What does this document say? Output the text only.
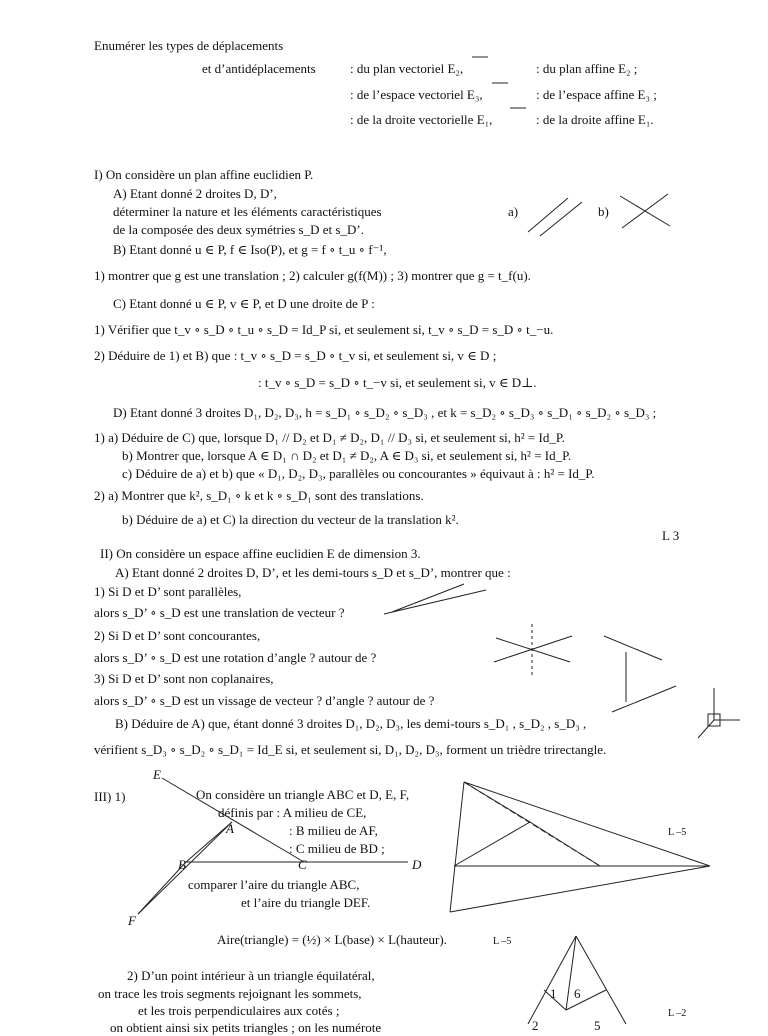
Enumérer les types de déplacements
et d’antidéplacements	: du plan vectoriel E₂,	: du plan affine E₂ ;
: de l’espace vectoriel E₃,	: de l’espace affine E₃ ;
: de la droite vectorielle E₁,	: de la droite affine E₁.
I) On considère un plan affine euclidien P.
A) Etant donné 2 droites D, D’,
déterminer la nature et les éléments caractéristiques
de la composée des deux symétries s_D et s_D’.
a)	b)
B) Etant donné u ∈ P, f ∈ Iso(P), et g = f ∘ t_u ∘ f⁻¹,
1) montrer que g est une translation ; 2) calculer g(f(M)) ; 3) montrer que g = t_f(u).
C) Etant donné u ∈ P, v ∈ P, et D une droite de P :
1) Vérifier que t_v ∘ s_D ∘ t_u ∘ s_D = Id_P si, et seulement si, t_v ∘ s_D = s_D ∘ t_−u.
2) Déduire de 1) et B) que : t_v ∘ s_D = s_D ∘ t_v si, et seulement si, v ∈ D ;
: t_v ∘ s_D = s_D ∘ t_−v si, et seulement si, v ∈ D⊥.
D) Etant donné 3 droites D₁, D₂, D₃, h = s_D₁ ∘ s_D₂ ∘ s_D₃ , et k = s_D₂ ∘ s_D₃ ∘ s_D₁ ∘ s_D₂ ∘ s_D₃ ;
1) a) Déduire de C) que, lorsque D₁ // D₂ et D₁ ≠ D₂, D₁ // D₃ si, et seulement si, h² = Id_P.
b) Montrer que, lorsque A ∈ D₁ ∩ D₂ et D₁ ≠ D₂, A ∈ D₃ si, et seulement si, h² = Id_P.
c) Déduire de a) et b) que « D₁, D₂, D₃, parallèles ou concourantes » équivaut à : h² = Id_P.
2) a) Montrer que k², s_D₁ ∘ k et k ∘ s_D₁ sont des translations.
b) Déduire de a) et C) la direction du vecteur de la translation k².
L 3
II) On considère un espace affine euclidien E de dimension 3.
A) Etant donné 2 droites D, D’, et les demi-tours s_D et s_D’, montrer que :
1) Si D et D’ sont parallèles,
alors s_D’ ∘ s_D est une translation de vecteur ?
2) Si D et D’ sont concourantes,
alors s_D’ ∘ s_D est une rotation d’angle ? autour de ?
3) Si D et D’ sont non coplanaires,
alors s_D’ ∘ s_D est un vissage de vecteur ? d’angle ? autour de ?
B) Déduire de A) que, étant donné 3 droites D₁, D₂, D₃, les demi-tours s_D₁ , s_D₂ , s_D₃ ,
vérifient s_D₃ ∘ s_D₂ ∘ s_D₁ = Id_E si, et seulement si, D₁, D₂, D₃, forment un trièdre trirectangle.
III) 1)	On considère un triangle ABC et D, E, F,
définis par : A milieu de CE,
: B milieu de AF,
: C milieu de BD ;
comparer l’aire du triangle ABC,
et l’aire du triangle DEF.
Aire(triangle) = (½) × L(base) × L(hauteur).	L –5
L –5
E
A
B	C	D
F
2) D’un point intérieur à un triangle équilatéral,
on trace les trois segments rejoignant les sommets,
et les trois perpendiculaires aux cotés ;
on obtient ainsi six petits triangles ; on les numérote
1 6
2	5
L –2
